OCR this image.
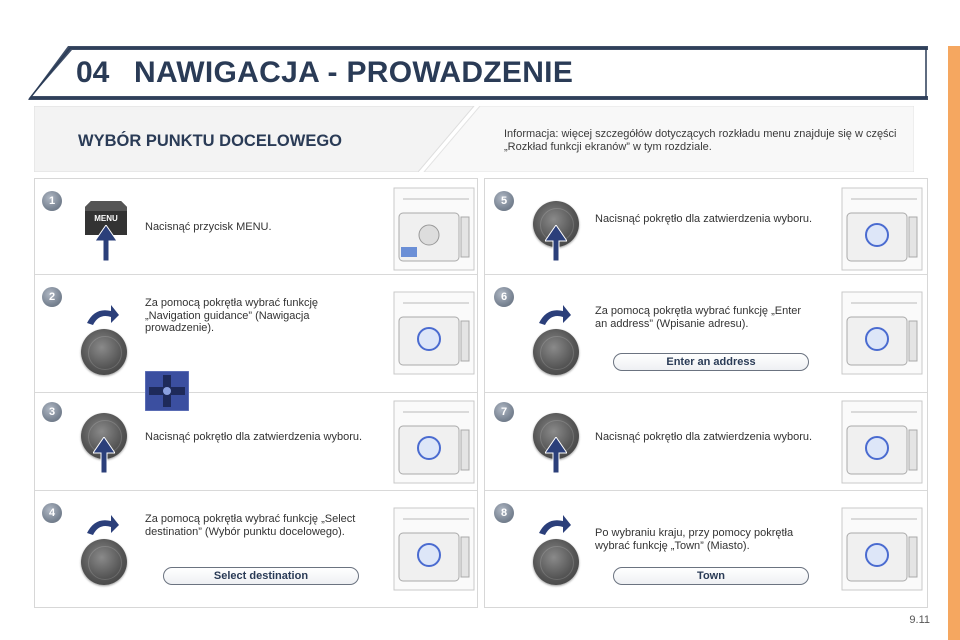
04 NAWIGACJA - PROWADZENIE
WYBÓR PUNKTU DOCELOWEGO	Informacja: więcej szczegółów dotyczących rozkładu menu znajduje się w części „Rozkład funkcji ekranów” w tym rozdziale.
MENU
Nacisnąć przycisk MENU.
Za pomocą pokrętła wybrać funkcję „Navigation guidance” (Nawigacja prowadzenie).
Nacisnąć pokrętło dla zatwierdzenia wyboru.
Za pomocą pokrętła wybrać funkcję „Select destination” (Wybór punktu docelowego).
Select destination
Nacisnąć pokrętło dla zatwierdzenia wyboru.
Za pomocą pokrętła wybrać funkcję „Enter an address” (Wpisanie adresu).
Enter an address
Nacisnąć pokrętło dla zatwierdzenia wyboru.
Po wybraniu kraju, przy pomocy pokrętła wybrać funkcję „Town” (Miasto).
Town
1
2
3
4
5
6
7
8
9.11
